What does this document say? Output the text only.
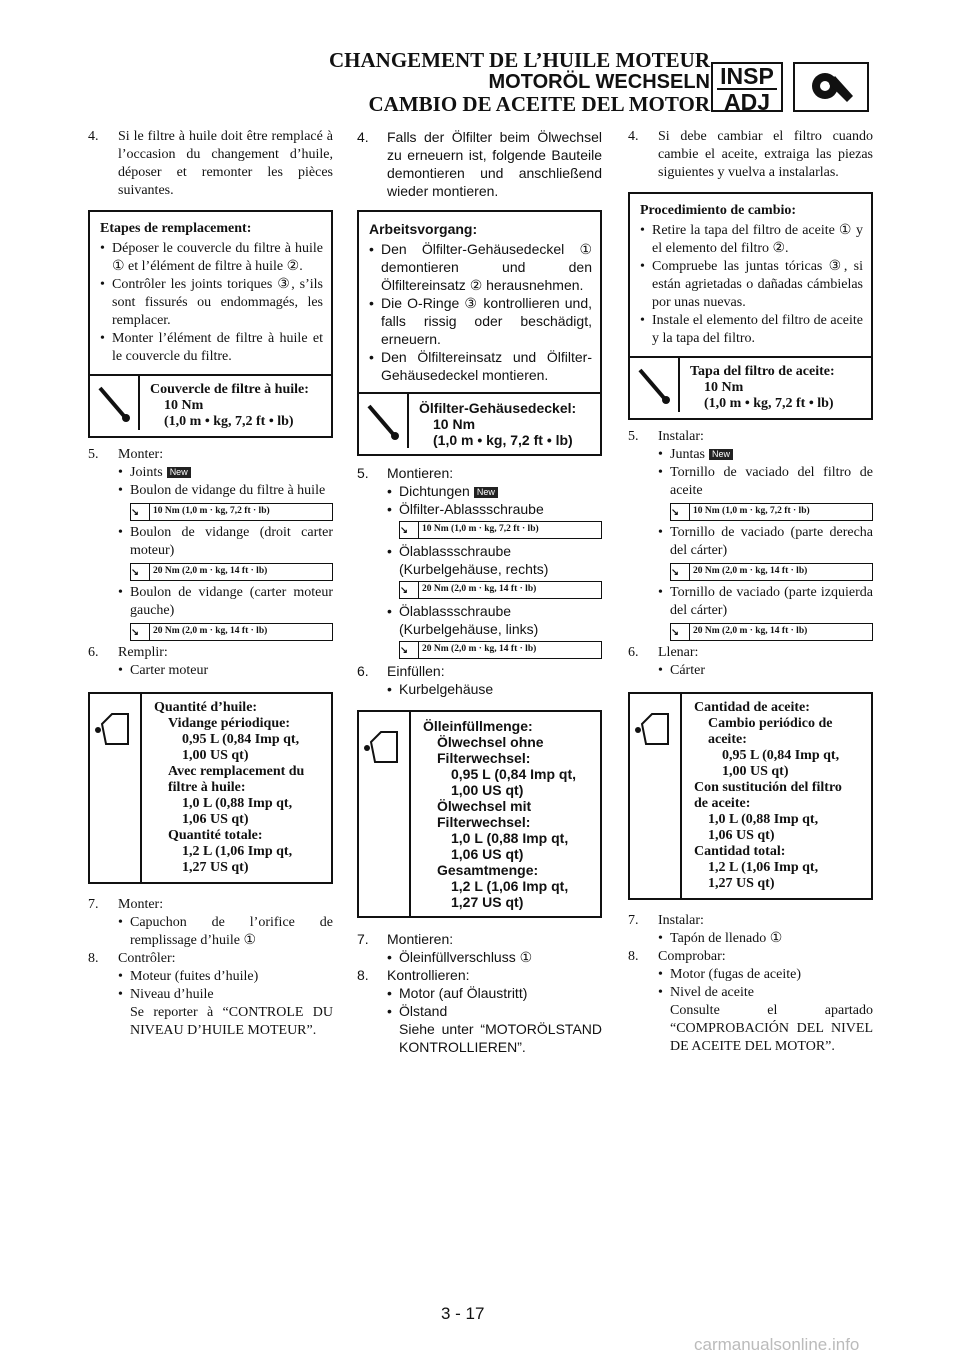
CHANGEMENT DE L’HUILE MOTEUR
MOTORÖL WECHSELN
CAMBIO DE ACEITE DEL MOTOR
INSP
ADJ
4.	Si le filtre à huile doit être remplacé à l’occasion du changement d’huile, déposer et remonter les pièces suivantes.
Etapes de remplacement:
• Déposer le couvercle du filtre à huile ① et l’élément de filtre à huile ②.
• Contrôler les joints toriques ③, s’ils sont fissurés ou endommagés, les remplacer.
• Monter l’élément de filtre à huile et le couvercle du filtre.
Couvercle de filtre à huile:
10 Nm
(1,0 m • kg, 7,2 ft • lb)
5.	Monter:
• Joints New
• Boulon de vidange du filtre à huile
↘	10 Nm (1,0 m · kg, 7,2 ft · lb)
• Boulon de vidange (droit carter moteur)
↘	20 Nm (2,0 m · kg, 14 ft · lb)
• Boulon de vidange (carter moteur gauche)
↘	20 Nm (2,0 m · kg, 14 ft · lb)
6.	Remplir:
• Carter moteur
Quantité d’huile:
Vidange périodique:
0,95 L (0,84 Imp qt,
1,00 US qt)
Avec remplacement du
filtre à huile:
1,0 L (0,88 Imp qt,
1,06 US qt)
Quantité totale:
1,2 L (1,06 Imp qt,
1,27 US qt)
7.	Monter:
• Capuchon de l’orifice de remplissage d’huile ①
8.	Contrôler:
• Moteur (fuites d’huile)
• Niveau d’huile
Se reporter à “CONTROLE DU NIVEAU D’HUILE MOTEUR”.
4.	Falls der Ölfilter beim Ölwechsel zu erneuern ist, folgende Bauteile demontieren und anschließend wieder montieren.
Arbeitsvorgang:
• Den Ölfilter-Gehäusedeckel ① demontieren und den Ölfiltereinsatz ② herausnehmen.
• Die O-Ringe ③ kontrollieren und, falls rissig oder beschädigt, erneuern.
• Den Ölfiltereinsatz und Ölfilter-Gehäusedeckel montieren.
Ölfilter-Gehäusedeckel:
10 Nm
(1,0 m • kg, 7,2 ft • lb)
5.	Montieren:
• Dichtungen New
• Ölfilter-Ablassschraube
↘	10 Nm (1,0 m · kg, 7,2 ft · lb)
• Ölablassschraube (Kurbelgehäuse, rechts)
↘	20 Nm (2,0 m · kg, 14 ft · lb)
• Ölablassschraube (Kurbelgehäuse, links)
↘	20 Nm (2,0 m · kg, 14 ft · lb)
6.	Einfüllen:
• Kurbelgehäuse
Ölleinfüllmenge:
Ölwechsel ohne
Filterwechsel:
0,95 L (0,84 Imp qt,
1,00 US qt)
Ölwechsel mit
Filterwechsel:
1,0 L (0,88 Imp qt,
1,06 US qt)
Gesamtmenge:
1,2 L (1,06 Imp qt,
1,27 US qt)
7.	Montieren:
• Öleinfüllverschluss ①
8.	Kontrollieren:
• Motor (auf Ölaustritt)
• Ölstand
Siehe unter “MOTORÖLSTAND KONTROLLIEREN”.
4.	Si debe cambiar el filtro cuando cambie el aceite, extraiga las piezas siguientes y vuelva a instalarlas.
Procedimiento de cambio:
• Retire la tapa del filtro de aceite ① y el elemento del filtro ②.
• Compruebe las juntas tóricas ③, si están agrietadas o dañadas cámbielas por unas nuevas.
• Instale el elemento del filtro de aceite y la tapa del filtro.
Tapa del filtro de aceite:
10 Nm
(1,0 m • kg, 7,2 ft • lb)
5.	Instalar:
• Juntas New
• Tornillo de vaciado del filtro de aceite
↘	10 Nm (1,0 m · kg, 7,2 ft · lb)
• Tornillo de vaciado (parte derecha del cárter)
↘	20 Nm (2,0 m · kg, 14 ft · lb)
• Tornillo de vaciado (parte izquierda del cárter)
↘	20 Nm (2,0 m · kg, 14 ft · lb)
6.	Llenar:
• Cárter
Cantidad de aceite:
Cambio periódico de
aceite:
0,95 L (0,84 Imp qt,
1,00 US qt)
Con sustitución del filtro
de aceite:
1,0 L (0,88 Imp qt,
1,06 US qt)
Cantidad total:
1,2 L (1,06 Imp qt,
1,27 US qt)
7.	Instalar:
• Tapón de llenado ①
8.	Comprobar:
• Motor (fugas de aceite)
• Nivel de aceite
Consulte el apartado “COMPROBACIÓN DEL NIVEL DE ACEITE DEL MOTOR”.
3 - 17
carmanualsonline.info
